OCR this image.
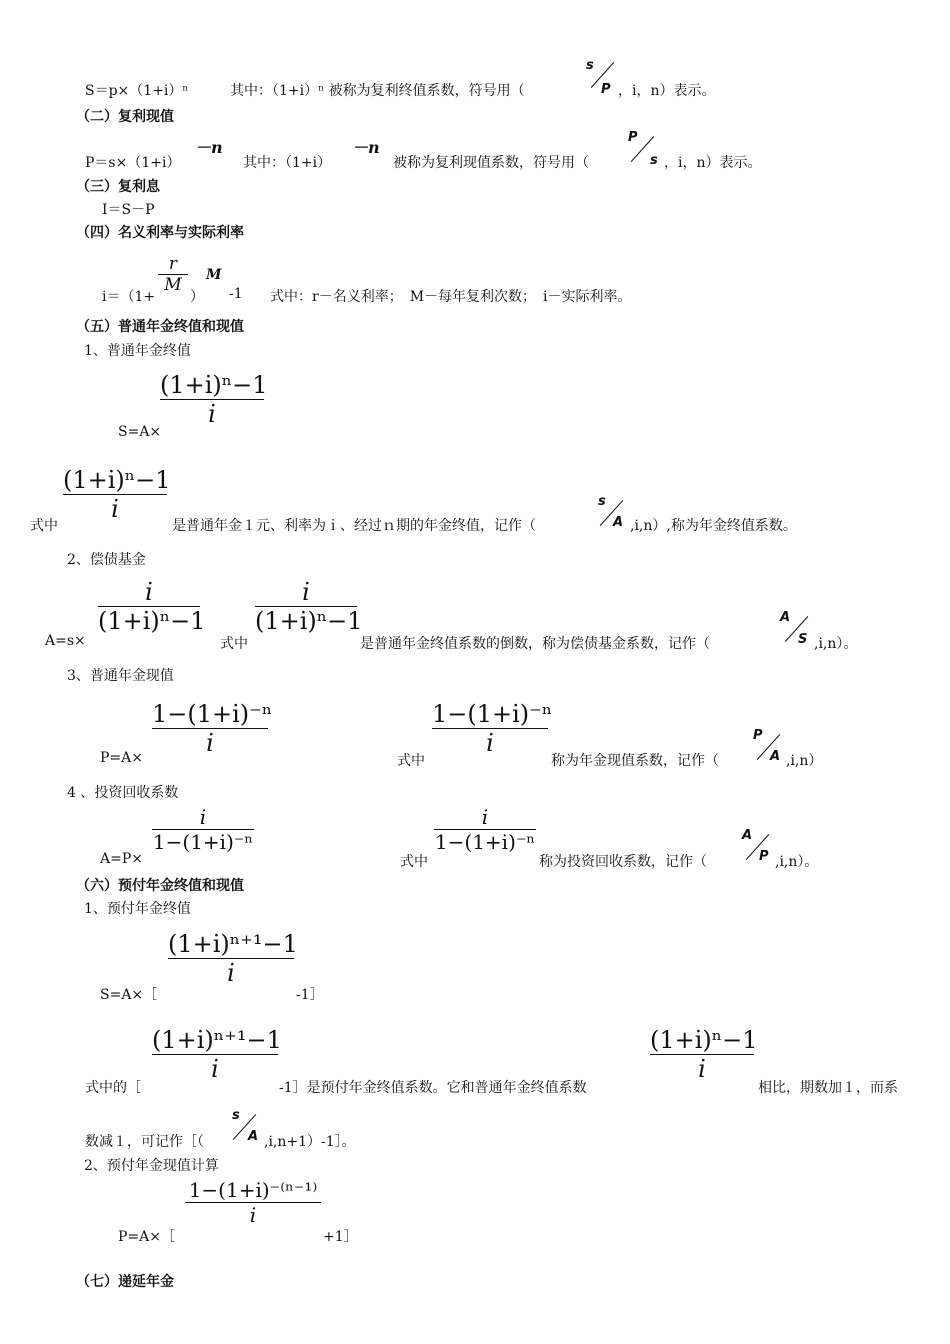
S＝p×（1+i）ⁿ	其中：（1+i）ⁿ 被称为复利终值系数，符号用（
s
P ，i，n）表示。
（二）复利现值
P＝s×（1+i）
－n
其中：（1+i）
－n
被称为复利现值系数，符号用（
P
s ，i，n）表示。
（三）复利息
I＝S－P
（四）名义利率与实际利率
i＝（1+
r
M
）
M
-1 式中：r－名义利率；　M－每年复利次数；　i－实际利率。
（五）普通年金终值和现值
1、普通年金终值
(1+i)ⁿ−1
i
S=A×
(1+i)ⁿ−1
i
式中	是普通年金１元、利率为ｉ、经过ｎ期的年金终值，记作（
s
A ,i,n）,称为年金终值系数。
2、偿债基金
i
(1+i)ⁿ−1
A=s×	式中
i
(1+i)ⁿ−1
是普通年金终值系数的倒数，称为偿债基金系数，记作（
A
S ,i,n）。
3、普通年金现值
1−(1+i)⁻ⁿ
i
P=A×	式中
1−(1+i)⁻ⁿ
i
称为年金现值系数，记作（
P
A ,i,n）
4 、投资回收系数
i
1−(1+i)⁻ⁿ
A=P×	式中
i
1−(1+i)⁻ⁿ
称为投资回收系数，记作（
A
P ,i,n）。
（六）预付年金终值和现值
1、预付年金终值
(1+i)ⁿ⁺¹−1
i
S=A×［	-1］
(1+i)ⁿ⁺¹−1
i
式中的［	-1］是预付年金终值系数。它和普通年金终值系数
(1+i)ⁿ−1
i
相比，期数加１，而系
数减１，可记作［（
s
A ,i,n+1）-1］。
2、预付年金现值计算
1−(1+i)⁻⁽ⁿ⁻¹⁾
i
P=A×［	+1］
（七）递延年金
